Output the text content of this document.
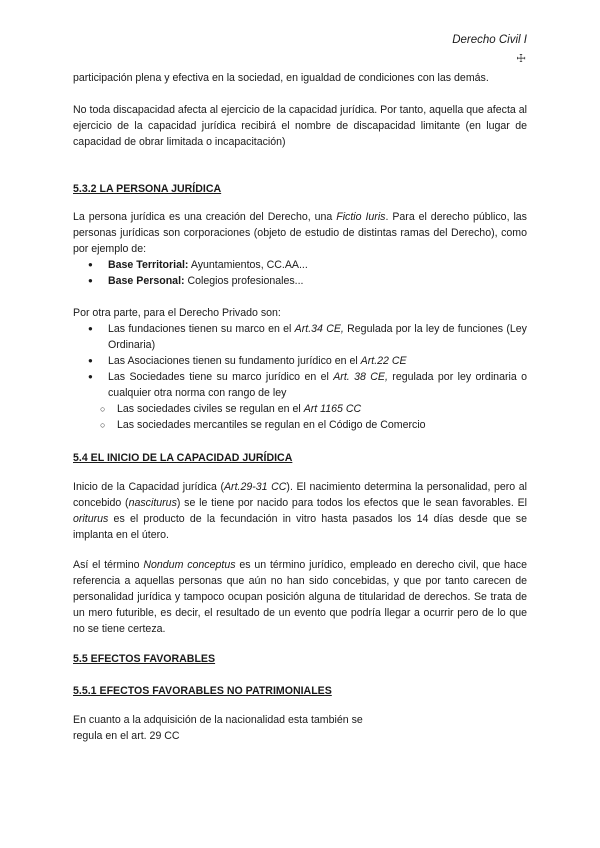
Derecho Civil I
☩

participación plena y efectiva en la sociedad, en igualdad de condiciones con las demás.

No toda discapacidad afecta al ejercicio de la capacidad jurídica. Por tanto, aquella que afecta al ejercicio de la capacidad jurídica recibirá el nombre de discapacidad limitante (en lugar de capacidad de obrar limitada o incapacitación)

5.3.2 LA PERSONA JURÍDICA

La persona jurídica es una creación del Derecho, una Fictio Iuris. Para el derecho público, las personas jurídicas son corporaciones (objeto de estudio de distintas ramas del Derecho), como por ejemplo de:

● Base Territorial: Ayuntamientos, CC.AA...
● Base Personal: Colegios profesionales...

Por otra parte, para el Derecho Privado son:

● Las fundaciones tienen su marco en el Art.34 CE, Regulada por la ley de funciones (Ley Ordinaria)
● Las Asociaciones tienen su fundamento jurídico en el Art.22 CE
● Las Sociedades tiene su marco jurídico en el Art. 38 CE, regulada por ley ordinaria o cualquier otra norma con rango de ley
○ Las sociedades civiles se regulan en el Art 1165 CC
○ Las sociedades mercantiles se regulan en el Código de Comercio
5.4 EL INICIO DE LA CAPACIDAD JURÍDICA

Inicio de la Capacidad jurídica (Art.29-31 CC). El nacimiento determina la personalidad, pero al concebido (nasciturus) se le tiene por nacido para todos los efectos que le sean favorables. El oriturus es el producto de la fecundación in vitro hasta pasados los 14 días desde que se implanta en el útero.

Así el término Nondum conceptus es un término jurídico, empleado en derecho civil, que hace referencia a aquellas personas que aún no han sido concebidas, y que por tanto carecen de personalidad jurídica y tampoco ocupan posición alguna de titularidad de derechos. Se trata de un mero futurible, es decir, el resultado de un evento que podría llegar a ocurrir pero de lo que no se tiene certeza.

5.5 EFECTOS FAVORABLES
5.5.1 EFECTOS FAVORABLES NO PATRIMONIALES
En cuanto a la adquisición de la nacionalidad esta también se
regula en el art. 29 CC
